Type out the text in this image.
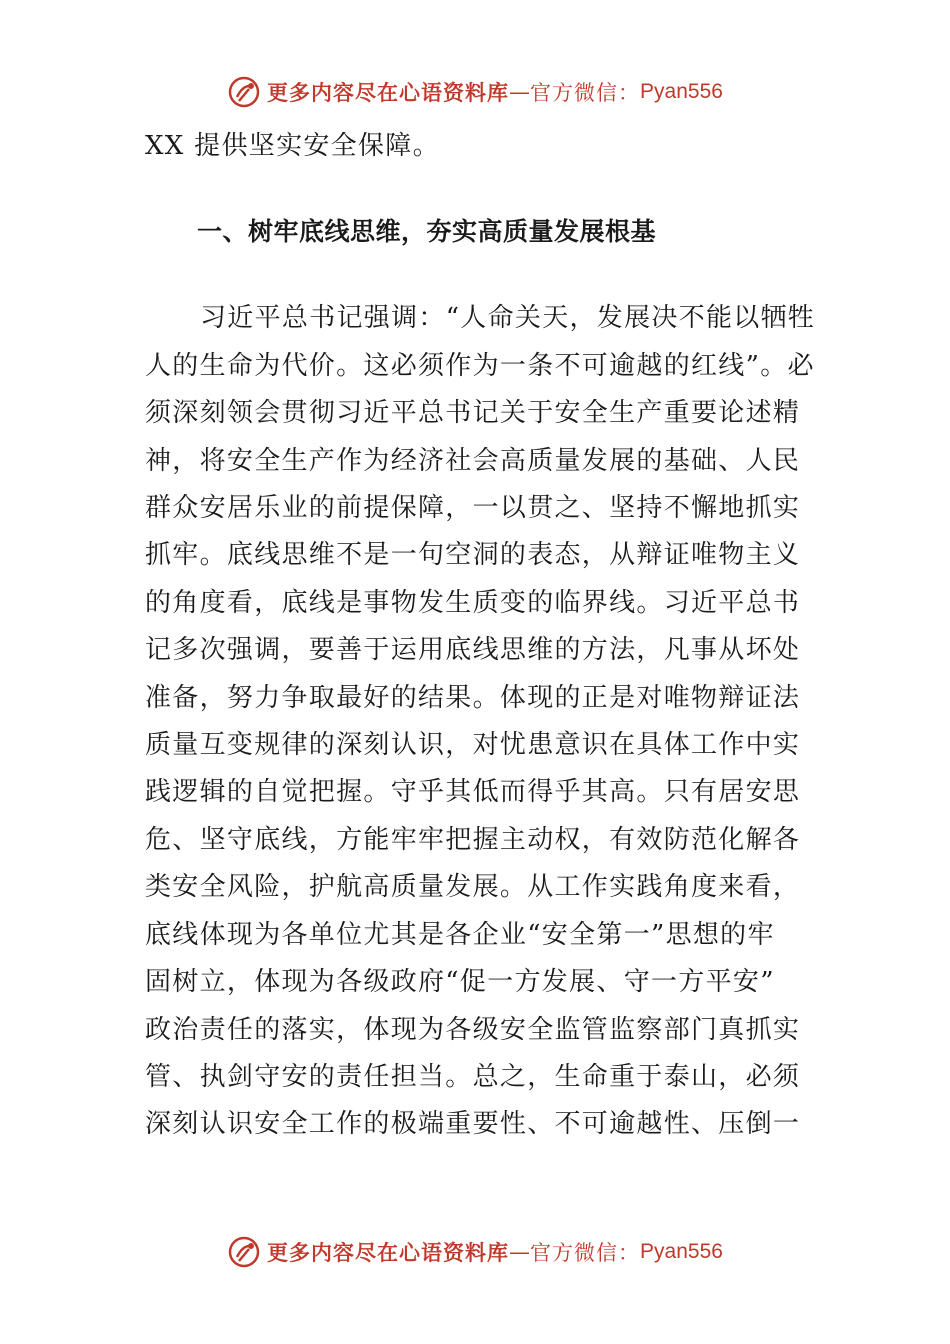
更多内容尽在心语资料库 — 官方微信： Pyan556

XX 提供坚实安全保障。

一、树牢底线思维，夯实高质量发展根基

习近平总书记强调：“人命关天，发展决不能以牺牲

人的生命为代价。这必须作为一条不可逾越的红线”。必

须深刻领会贯彻习近平总书记关于安全生产重要论述精

神，将安全生产作为经济社会高质量发展的基础、人民

群众安居乐业的前提保障，一以贯之、坚持不懈地抓实

抓牢。底线思维不是一句空洞的表态，从辩证唯物主义

的角度看，底线是事物发生质变的临界线。习近平总书

记多次强调，要善于运用底线思维的方法，凡事从坏处

准备，努力争取最好的结果。体现的正是对唯物辩证法

质量互变规律的深刻认识，对忧患意识在具体工作中实

践逻辑的自觉把握。守乎其低而得乎其高。只有居安思

危、坚守底线，方能牢牢把握主动权，有效防范化解各

类安全风险，护航高质量发展。从工作实践角度来看，

底线体现为各单位尤其是各企业“安全第一”思想的牢

固树立，体现为各级政府“促一方发展、守一方平安”

政治责任的落实，体现为各级安全监管监察部门真抓实

管、执剑守安的责任担当。总之，生命重于泰山，必须

深刻认识安全工作的极端重要性、不可逾越性、压倒一

更多内容尽在心语资料库 — 官方微信： Pyan556
